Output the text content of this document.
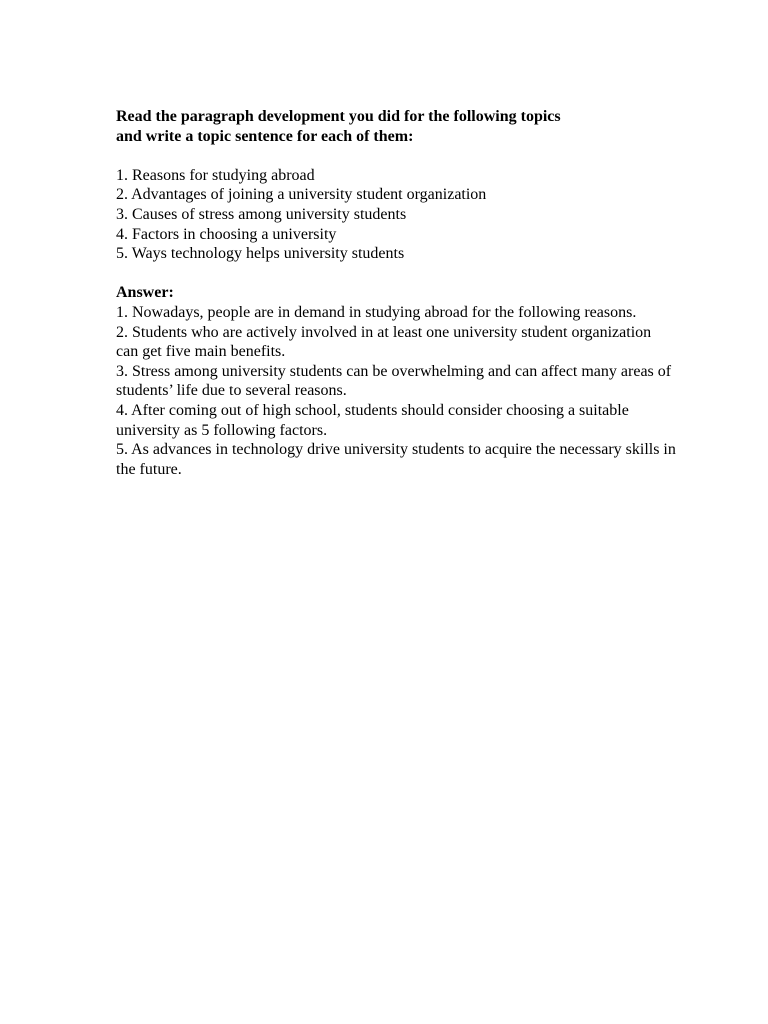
Read the paragraph development you did for the following topics
and write a topic sentence for each of them:

1. Reasons for studying abroad
2. Advantages of joining a university student organization
3. Causes of stress among university students
4. Factors in choosing a university
5. Ways technology helps university students

Answer:

1. Nowadays, people are in demand in studying abroad for the following reasons.
2. Students who are actively involved in at least one university student organization can get five main benefits.
3. Stress among university students can be overwhelming and can affect many areas of students’ life due to several reasons.
4. After coming out of high school, students should consider choosing a suitable university as 5 following factors.
5. As advances in technology drive university students to acquire the necessary skills in the future.
